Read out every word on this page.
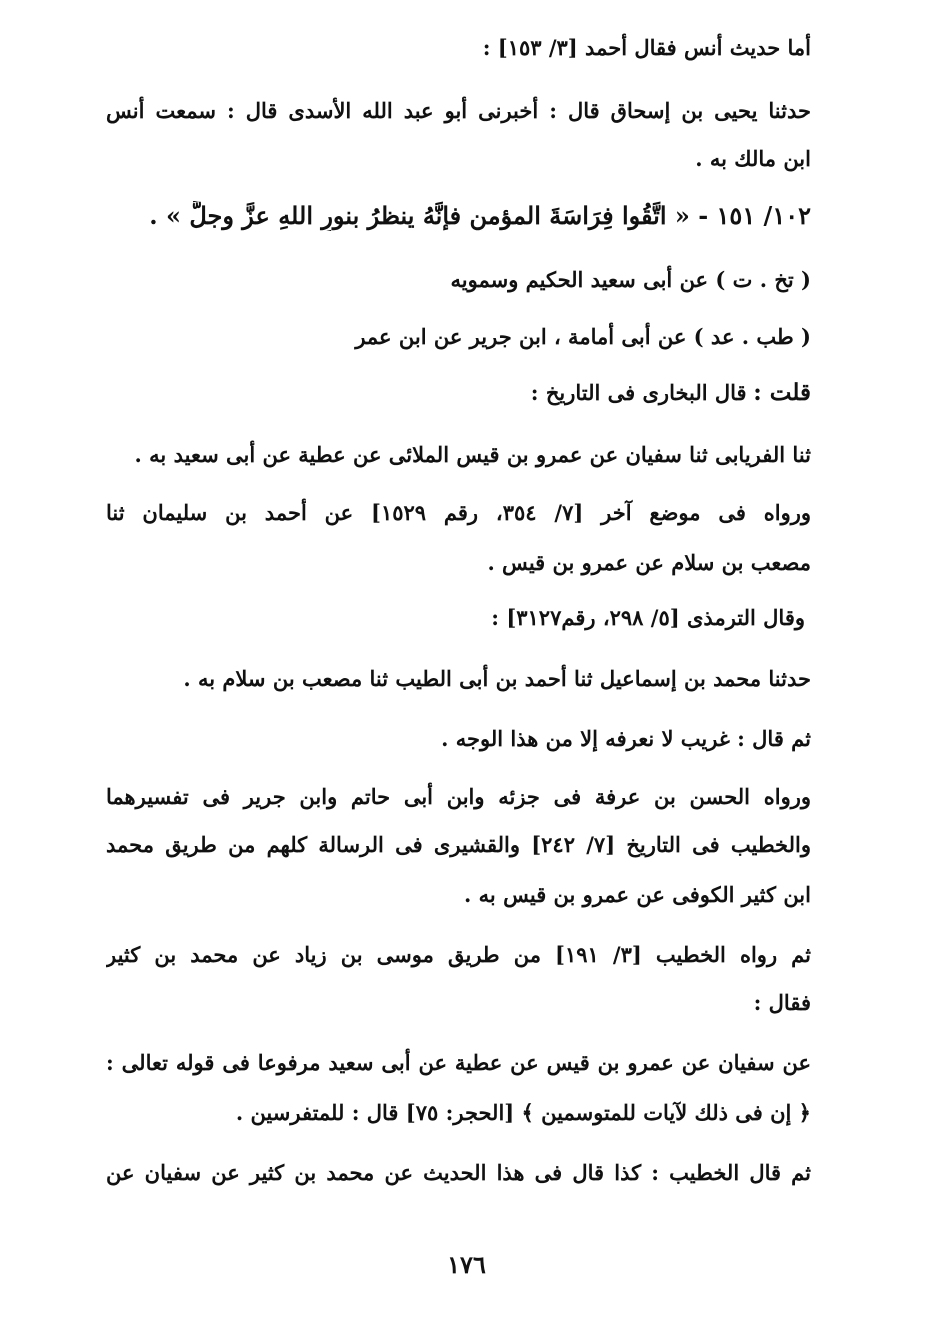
أما حديث أنس فقال أحمد [٣/ ١٥٣] :
حدثنا يحيى بن إسحاق قال : أخبرنى أبو عبد الله الأسدى قال : سمعت أنس
ابن مالك به .
١٠٢/ ١٥١ - « اتَّقُوا فِرَاسَةَ المؤمنِ فإنَّهُ ينظرُ بنورِ اللهِ عزَّ وجلَّ » .
( تخ . ت ) عن أبى سعيد الحكيم وسمويه
( طب . عد ) عن أبى أمامة ، ابن جرير عن ابن عمر
قلت : قال البخارى فى التاريخ :
ثنا الفريابى ثنا سفيان عن عمرو بن قيس الملائى عن عطية عن أبى سعيد به .
ورواه فى موضع آخر [٧/ ٣٥٤، رقم ١٥٢٩] عن أحمد بن سليمان ثنا
مصعب بن سلام عن عمرو بن قيس .
وقال الترمذى [٥/ ٢٩٨، رقم٣١٢٧] :
حدثنا محمد بن إسماعيل ثنا أحمد بن أبى الطيب ثنا مصعب بن سلام به .
ثم قال : غريب لا نعرفه إلا من هذا الوجه .
ورواه الحسن بن عرفة فى جزئه وابن أبى حاتم وابن جرير فى تفسيرهما
والخطيب فى التاريخ [٧/ ٢٤٢] والقشيرى فى الرسالة كلهم من طريق محمد
ابن كثير الكوفى عن عمرو بن قيس به .
ثم رواه الخطيب [٣/ ١٩١] من طريق موسى بن زياد عن محمد بن كثير
فقال :
عن سفيان عن عمرو بن قيس عن عطية عن أبى سعيد مرفوعا فى قوله تعالى :
﴿ إن فى ذلك لآيات للمتوسمين ﴾ [الحجر: ٧٥] قال : للمتفرسين .
ثم قال الخطيب : كذا قال فى هذا الحديث عن محمد بن كثير عن سفيان عن
١٧٦
